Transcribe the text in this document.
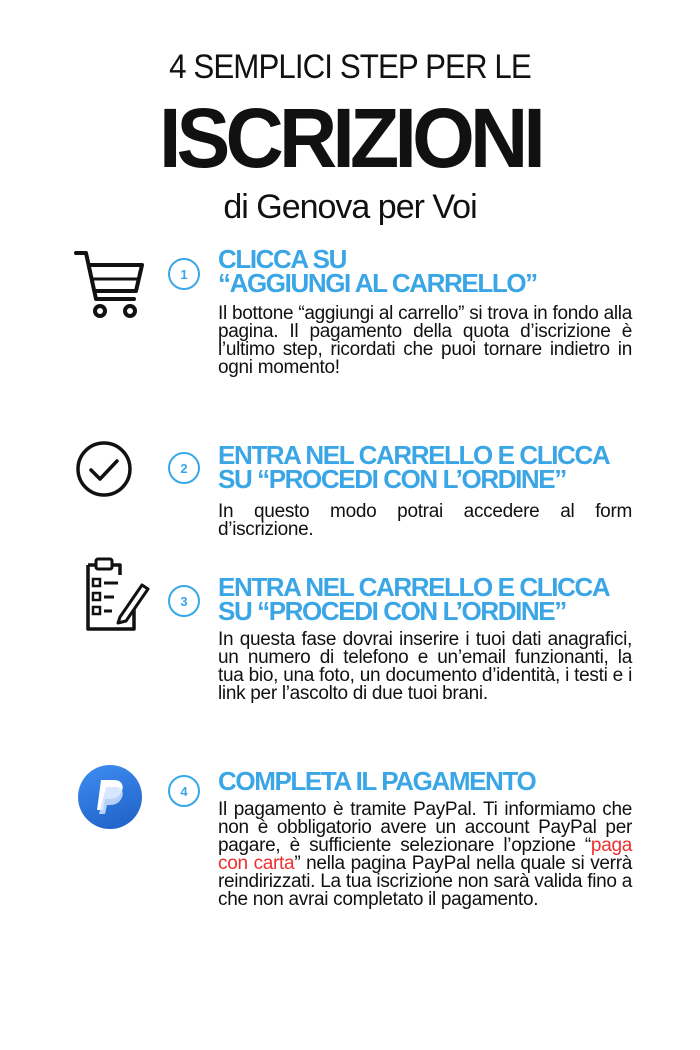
4 SEMPLICI STEP PER LE
ISCRIZIONI
di Genova per Voi
1	CLICCA SU
“AGGIUNGI AL CARRELLO”
Il bottone “aggiungi al carrello” si trova in fondo alla pagina. Il pagamento della quota d’iscrizione è l’ultimo step, ricordati che puoi tornare indietro in ogni momento!
2	ENTRA NEL CARRELLO E CLICCA
SU “PROCEDI CON L’ORDINE”
In questo modo potrai accedere al form d’iscrizione.
3	ENTRA NEL CARRELLO E CLICCA
SU “PROCEDI CON L’ORDINE”
In questa fase dovrai inserire i tuoi dati anagrafici, un numero di telefono e un’email funzionanti, la tua bio, una foto, un documento d’identità, i testi e i link per l’ascolto di due tuoi brani.
4	COMPLETA IL PAGAMENTO
Il pagamento è tramite PayPal. Ti informiamo che non è obbligatorio avere un account PayPal per pagare, è sufficiente selezionare l’opzione “paga con carta” nella pagina PayPal nella quale si verrà reindirizzati. La tua iscrizione non sarà valida fino a che non avrai completato il pagamento.
